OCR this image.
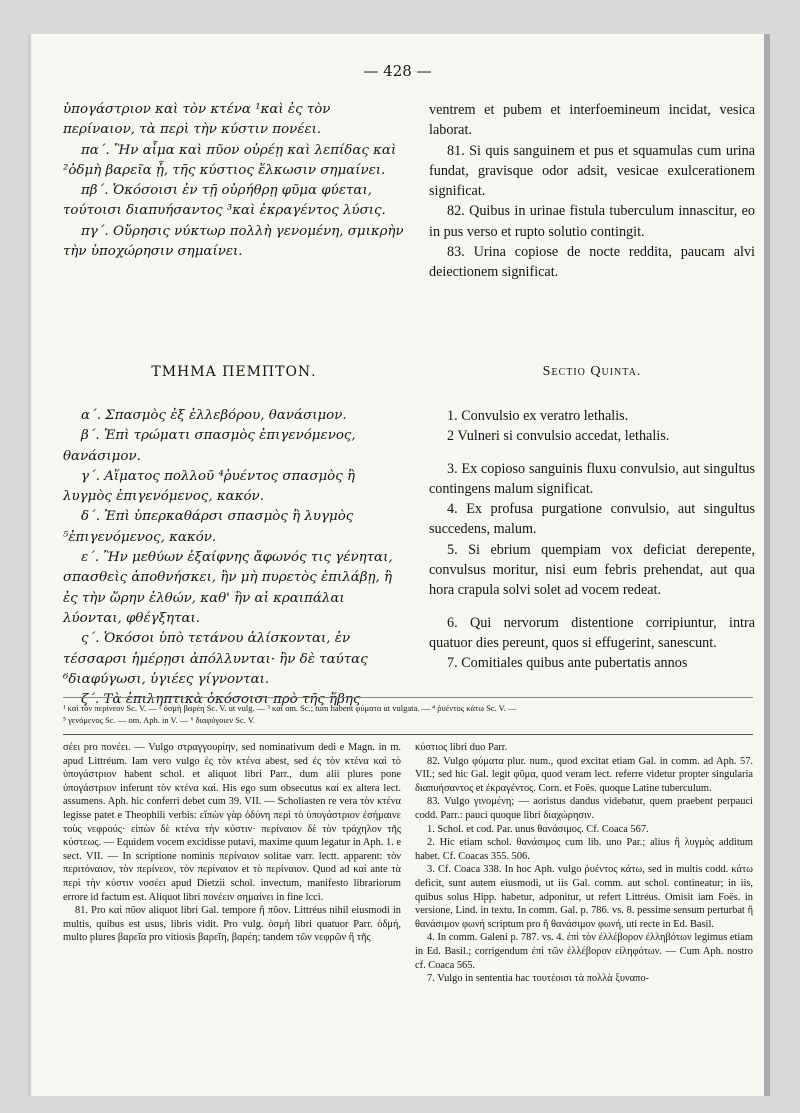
— 428 —

ὑπογάστριον καὶ τὸν κτένα ¹καὶ ἐς τὸν περίναιον, τὰ περὶ τὴν κύστιν πονέει.

πα΄. Ἢν αἷμα καὶ πῦον οὐρέῃ καὶ λεπίδας καὶ ²ὀδμὴ βαρεῖα ᾖ, τῆς κύστιος ἕλκωσιν σημαίνει.

πβ΄. Ὁκόσοισι ἐν τῇ οὐρήθρῃ φῦμα φύεται, τούτοισι διαπυήσαντος ³καὶ ἐκραγέντος λύσις.

πγ΄. Οὔρησις νύκτωρ πολλὴ γενομένη, σμικρὴν τὴν ὑποχώρησιν σημαίνει.

ventrem et pubem et interfoemineum incidat, vesica laborat.

81. Si quis sanguinem et pus et squamulas cum urina fundat, gravisque odor adsit, vesicae exulcerationem significat.

82. Quibus in urinae fistula tuberculum innascitur, eo in pus verso et rupto solutio contingit.

83. Urina copiose de nocte reddita, paucam alvi deiectionem significat.

ΤΜΗΜΑ ΠΕΜΠΤΟΝ.	Sectio Quinta.

α΄. Σπασμὸς ἐξ ἐλλεβόρου, θανάσιμον.

β΄. Ἐπὶ τρώματι σπασμὸς ἐπιγενόμενος, θανάσιμον.

γ΄. Αἵματος πολλοῦ ⁴ῥυέντος σπασμὸς ἢ λυγμὸς ἐπιγενόμενος, κακόν.

δ΄. Ἐπὶ ὑπερκαθάρσι σπασμὸς ἢ λυγμὸς ⁵ἐπιγενόμενος, κακόν.

ε΄. Ἢν μεθύων ἐξαίφνης ἄφωνός τις γένηται, σπασθεὶς ἀποθνήσκει, ἢν μὴ πυρετὸς ἐπιλάβῃ, ἢ ἐς τὴν ὥρην ἐλθών, καθ' ἣν αἱ κραιπάλαι λύονται, φθέγξηται.

ς΄. Ὁκόσοι ὑπὸ τετάνου ἁλίσκονται, ἐν τέσσαρσι ἡμέρῃσι ἀπόλλυνται· ἢν δὲ ταύτας ⁶διαφύγωσι, ὑγιέες γίγνονται.

ζ΄. Τὰ ἐπιληπτικὰ ὁκόσοισι πρὸ τῆς ἥβης

1. Convulsio ex veratro lethalis.

2 Vulneri si convulsio accedat, lethalis.

3. Ex copioso sanguinis fluxu convulsio, aut singultus contingens malum significat.

4. Ex profusa purgatione convulsio, aut singultus succedens, malum.

5. Si ebrium quempiam vox deficiat derepente, convulsus moritur, nisi eum febris prehendat, aut qua hora crapula solvi solet ad vocem redeat.

6. Qui nervorum distentione corripiuntur, intra quatuor dies pereunt, quos si effugerint, sanescunt.

7. Comitiales quibus ante pubertatis annos

¹ καὶ τὸν περίνεον Sc. V. — ² ὀσμὴ βαρέη Sc. V. ut vulg. — ³ καὶ om. Sc.; tum habent φύματα ut vulgata. — ⁴ ῥυέντος κάτω Sc. V. —
⁵ γενόμενος Sc. — om. Aph. in V. — ⁶ διαφύγοιεν Sc. V.

σέει pro πονέει. — Vulgo στραγγουρίην, sed nominativum dedi e Magn. in m. apud Littréum. Iam vero vulgo ἐς τὸν κτένα abest, sed ἐς τὸν κτένα καὶ τὸ ὑπογάστριον habent schol. et aliquot libri Parr., dum alii plures pone ὑπογάστριον inferunt τὸν κτένα καί. His ego sum obsecutus καί ex altera lect. assumens. Aph. hic conferri debet cum 39. VII. — Scholiasten re vera τὸν κτένα legisse patet e Theophili verbis: εἴπὼν γὰρ ὀδύνη περὶ τὸ ὑπογάστριον ἐσήμαινε τοὺς νεφρούς· εἰπὼν δὲ κτένα τὴν κύστιν· περίναιον δὲ τὸν τράχηλον τῆς κύστεως. — Equidem vocem excidisse putavi, maxime quum legatur in Aph. 1. e sect. VII. — In scriptione nominis περίναιον solitae varr. lectt. apparent: τὸν περιτόναιον, τὸν περίνεον, τὸν περίναιον et τὸ περίναιον. Quod ad καί ante τὰ περὶ τὴν κύστιν νοσέει apud Dietzii schol. invectum, manifesto librariorum errore id factum est. Aliquot libri πονέειν σημαίνει in fine lcci.

81. Pro καὶ πῦον aliquot libri Gal. tempore ἢ πῦον. Littréus nihil eiusmodi in multis, quibus est usus, libris vidit. Pro vulg. ὀσμὴ libri quatuor Parr. ὀδμή, multo plures βαρεῖα pro vitiosis βαρεῖη, βαρέη; tandem τῶν νεφρῶν ἢ τῆς

κύστιος libri duo Parr.

82. Vulgo φύματα plur. num., quod excitat etiam Gal. in comm. ad Aph. 57. VII.; sed hic Gal. legit φῦμα, quod veram lect. referre videtur propter singularia διαπυήσαντος et ἐκραγέντος. Corn. et Foës. quoque Latine tuberculum.

83. Vulgo γινομένη; — aoristus dandus videbatur, quem praebent perpauci codd. Parr.: pauci quoque libri διαχώρησιν.

1. Schol. et cod. Par. unus θανάσιμος. Cf. Coaca 567.

2. Hic etiam schol. θανάσιμος cum lib. uno Par.; alius ἢ λυγμὸς additum habet. Cf. Coacas 355. 506.

3. Cf. Coaca 338. In hoc Aph. vulgo ῥυέντος κάτω, sed in multis codd. κάτω deficit, sunt autem eiusmodi, ut iis Gal. comm. aut schol. contineatur; in iis, quibus solus Hipp. habetur, adponitur, ut refert Littréus. Omisit iam Foës. in versione, Lind. in textu. In comm. Gal. p. 786. vs. 8. pessime sensum perturbat ἢ θανάσιμον φωνή scriptum pro ἢ θανάσιμον φωνή, uti recte in Ed. Basil.

4. In comm. Galeni p. 787. vs. 4. ἐπὶ τὸν ἐλλέβορον ἐλληβότων legimus etiam in Ed. Basil.; corrigendum ἐπὶ τῶν ἐλλέβορον εἰληφότων. — Cum Aph. nostro cf. Coaca 565.

7. Vulgo in sententia hac τουτέοισι τὰ πολλὰ ξυναπο-
